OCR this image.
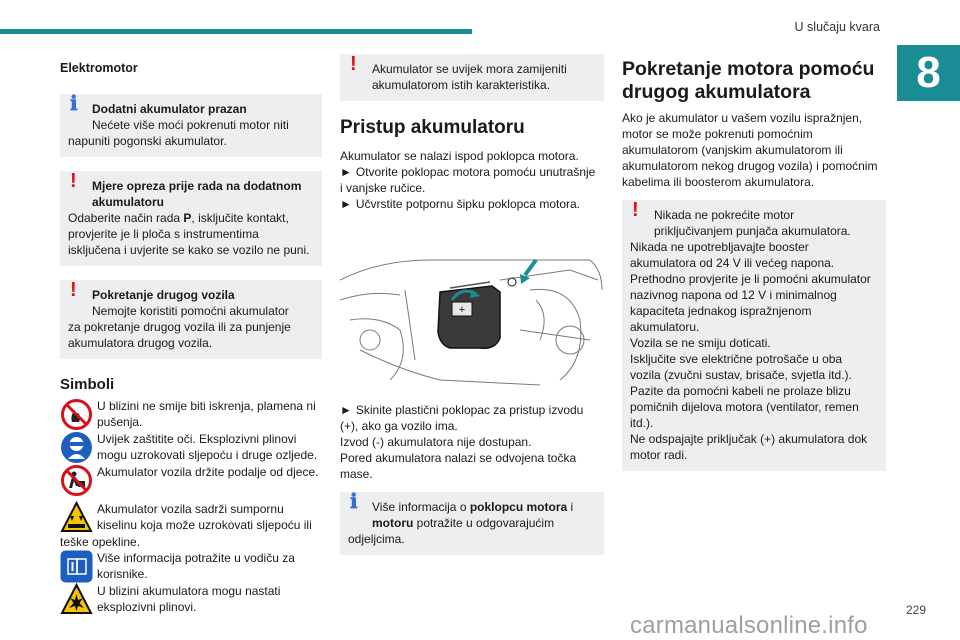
U slučaju kvara
8
Elektromotor
ℹ	Dodatni akumulator prazan
Nećete više moći pokrenuti motor niti
napuniti pogonski akumulator.
!	Mjere opreza prije rada na dodatnom
akumulatoru
Odaberite način rada P, isključite kontakt,
provjerite je li ploča s instrumentima
isključena i uvjerite se kako se vozilo ne puni.
!	Pokretanje drugog vozila
Nemojte koristiti pomoćni akumulator
za pokretanje drugog vozila ili za punjenje
akumulatora drugog vozila.
Simboli
U blizini ne smije biti iskrenja, plamena ni
pušenja.
Uvijek zaštitite oči. Eksplozivni plinovi
mogu uzrokovati sljepoću i druge ozljede.
Akumulator vozila držite podalje od djece.
Akumulator vozila sadrži sumpornu
kiselinu koja može uzrokovati sljepoću ili
teške opekline.
Više informacija potražite u vodiču za
korisnike.
U blizini akumulatora mogu nastati
eksplozivni plinovi.
!	Akumulator se uvijek mora zamijeniti
akumulatorom istih karakteristika.
Pristup akumulatoru

Akumulator se nalazi ispod poklopca motora.

► Otvorite poklopac motora pomoću unutrašnje

i vanjske ručice.

► Učvrstite potpornu šipku poklopca motora.

+

► Skinite plastični poklopac za pristup izvodu

(+), ako ga vozilo ima.

Izvod (-) akumulatora nije dostupan.

Pored akumulatora nalazi se odvojena točka

mase.

ℹ	Više informacija o poklopcu motora i
motoru potražite u odgovarajućim
odjeljcima.
Pokretanje motora pomoću
drugog akumulatora

Ako je akumulator u vašem vozilu ispražnjen,

motor se može pokrenuti pomoćnim

akumulatorom (vanjskim akumulatorom ili

akumulatorom nekog drugog vozila) i pomoćnim

kabelima ili boosterom akumulatora.

!	Nikada ne pokrećite motor
priključivanjem punjača akumulatora.
Nikada ne upotrebljavajte booster
akumulatora od 24 V ili većeg napona.
Prethodno provjerite je li pomoćni akumulator
nazivnog napona od 12 V i minimalnog
kapaciteta jednakog ispražnjenom
akumulatoru.
Vozila se ne smiju doticati.
Isključite sve električne potrošače u oba
vozila (zvučni sustav, brisače, svjetla itd.).
Pazite da pomoćni kabeli ne prolaze blizu
pomičnih dijelova motora (ventilator, remen
itd.).
Ne odspajajte priključak (+) akumulatora dok
motor radi.
229
carmanualsonline.info
